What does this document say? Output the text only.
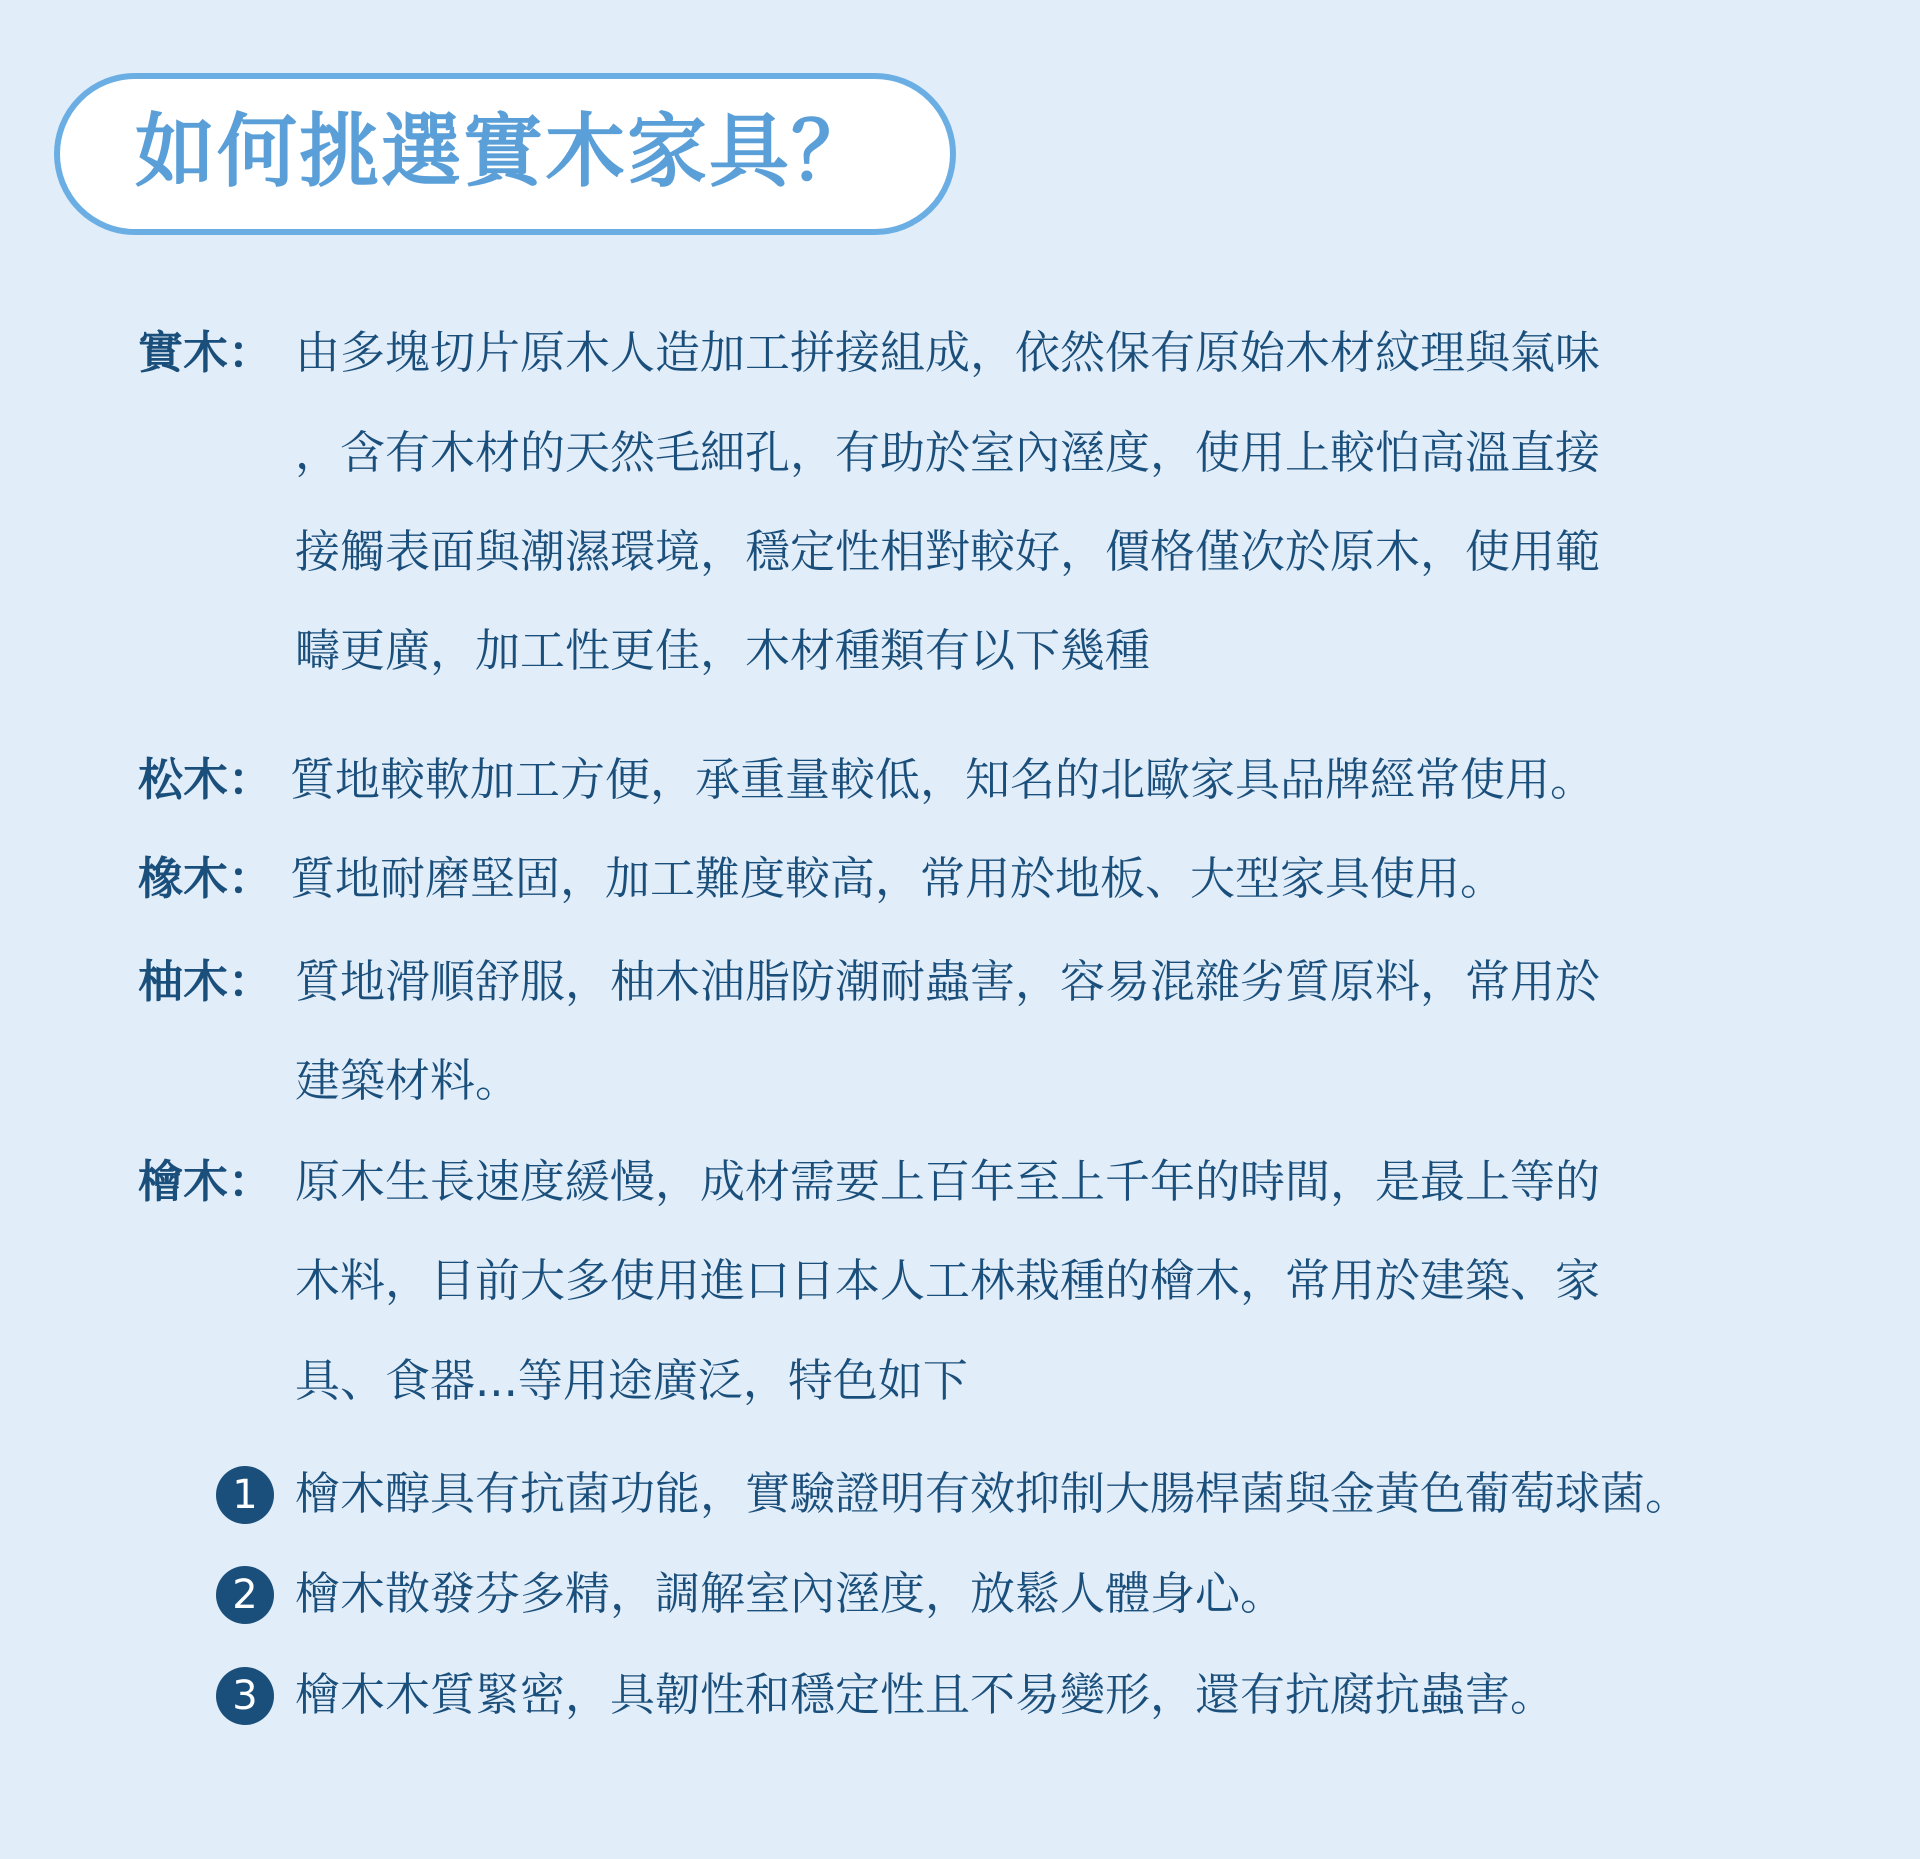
如何挑選實木家具？
實木： 由多塊切片原木人造加工拼接組成，依然保有原始木材紋理與氣味
，含有木材的天然毛細孔，有助於室內溼度，使用上較怕高溫直接
接觸表面與潮濕環境，穩定性相對較好，價格僅次於原木，使用範
疇更廣，加工性更佳，木材種類有以下幾種
松木： 質地較軟加工方便，承重量較低，知名的北歐家具品牌經常使用。
橡木： 質地耐磨堅固，加工難度較高，常用於地板、大型家具使用。
柚木： 質地滑順舒服，柚木油脂防潮耐蟲害，容易混雜劣質原料，常用於
建築材料。
檜木： 原木生長速度緩慢，成材需要上百年至上千年的時間，是最上等的
木料，目前大多使用進口日本人工林栽種的檜木，常用於建築、家
具、食器...等用途廣泛，特色如下
1 檜木醇具有抗菌功能，實驗證明有效抑制大腸桿菌與金黃色葡萄球菌。
2 檜木散發芬多精，調解室內溼度，放鬆人體身心。
3 檜木木質緊密，具韌性和穩定性且不易變形，還有抗腐抗蟲害。
